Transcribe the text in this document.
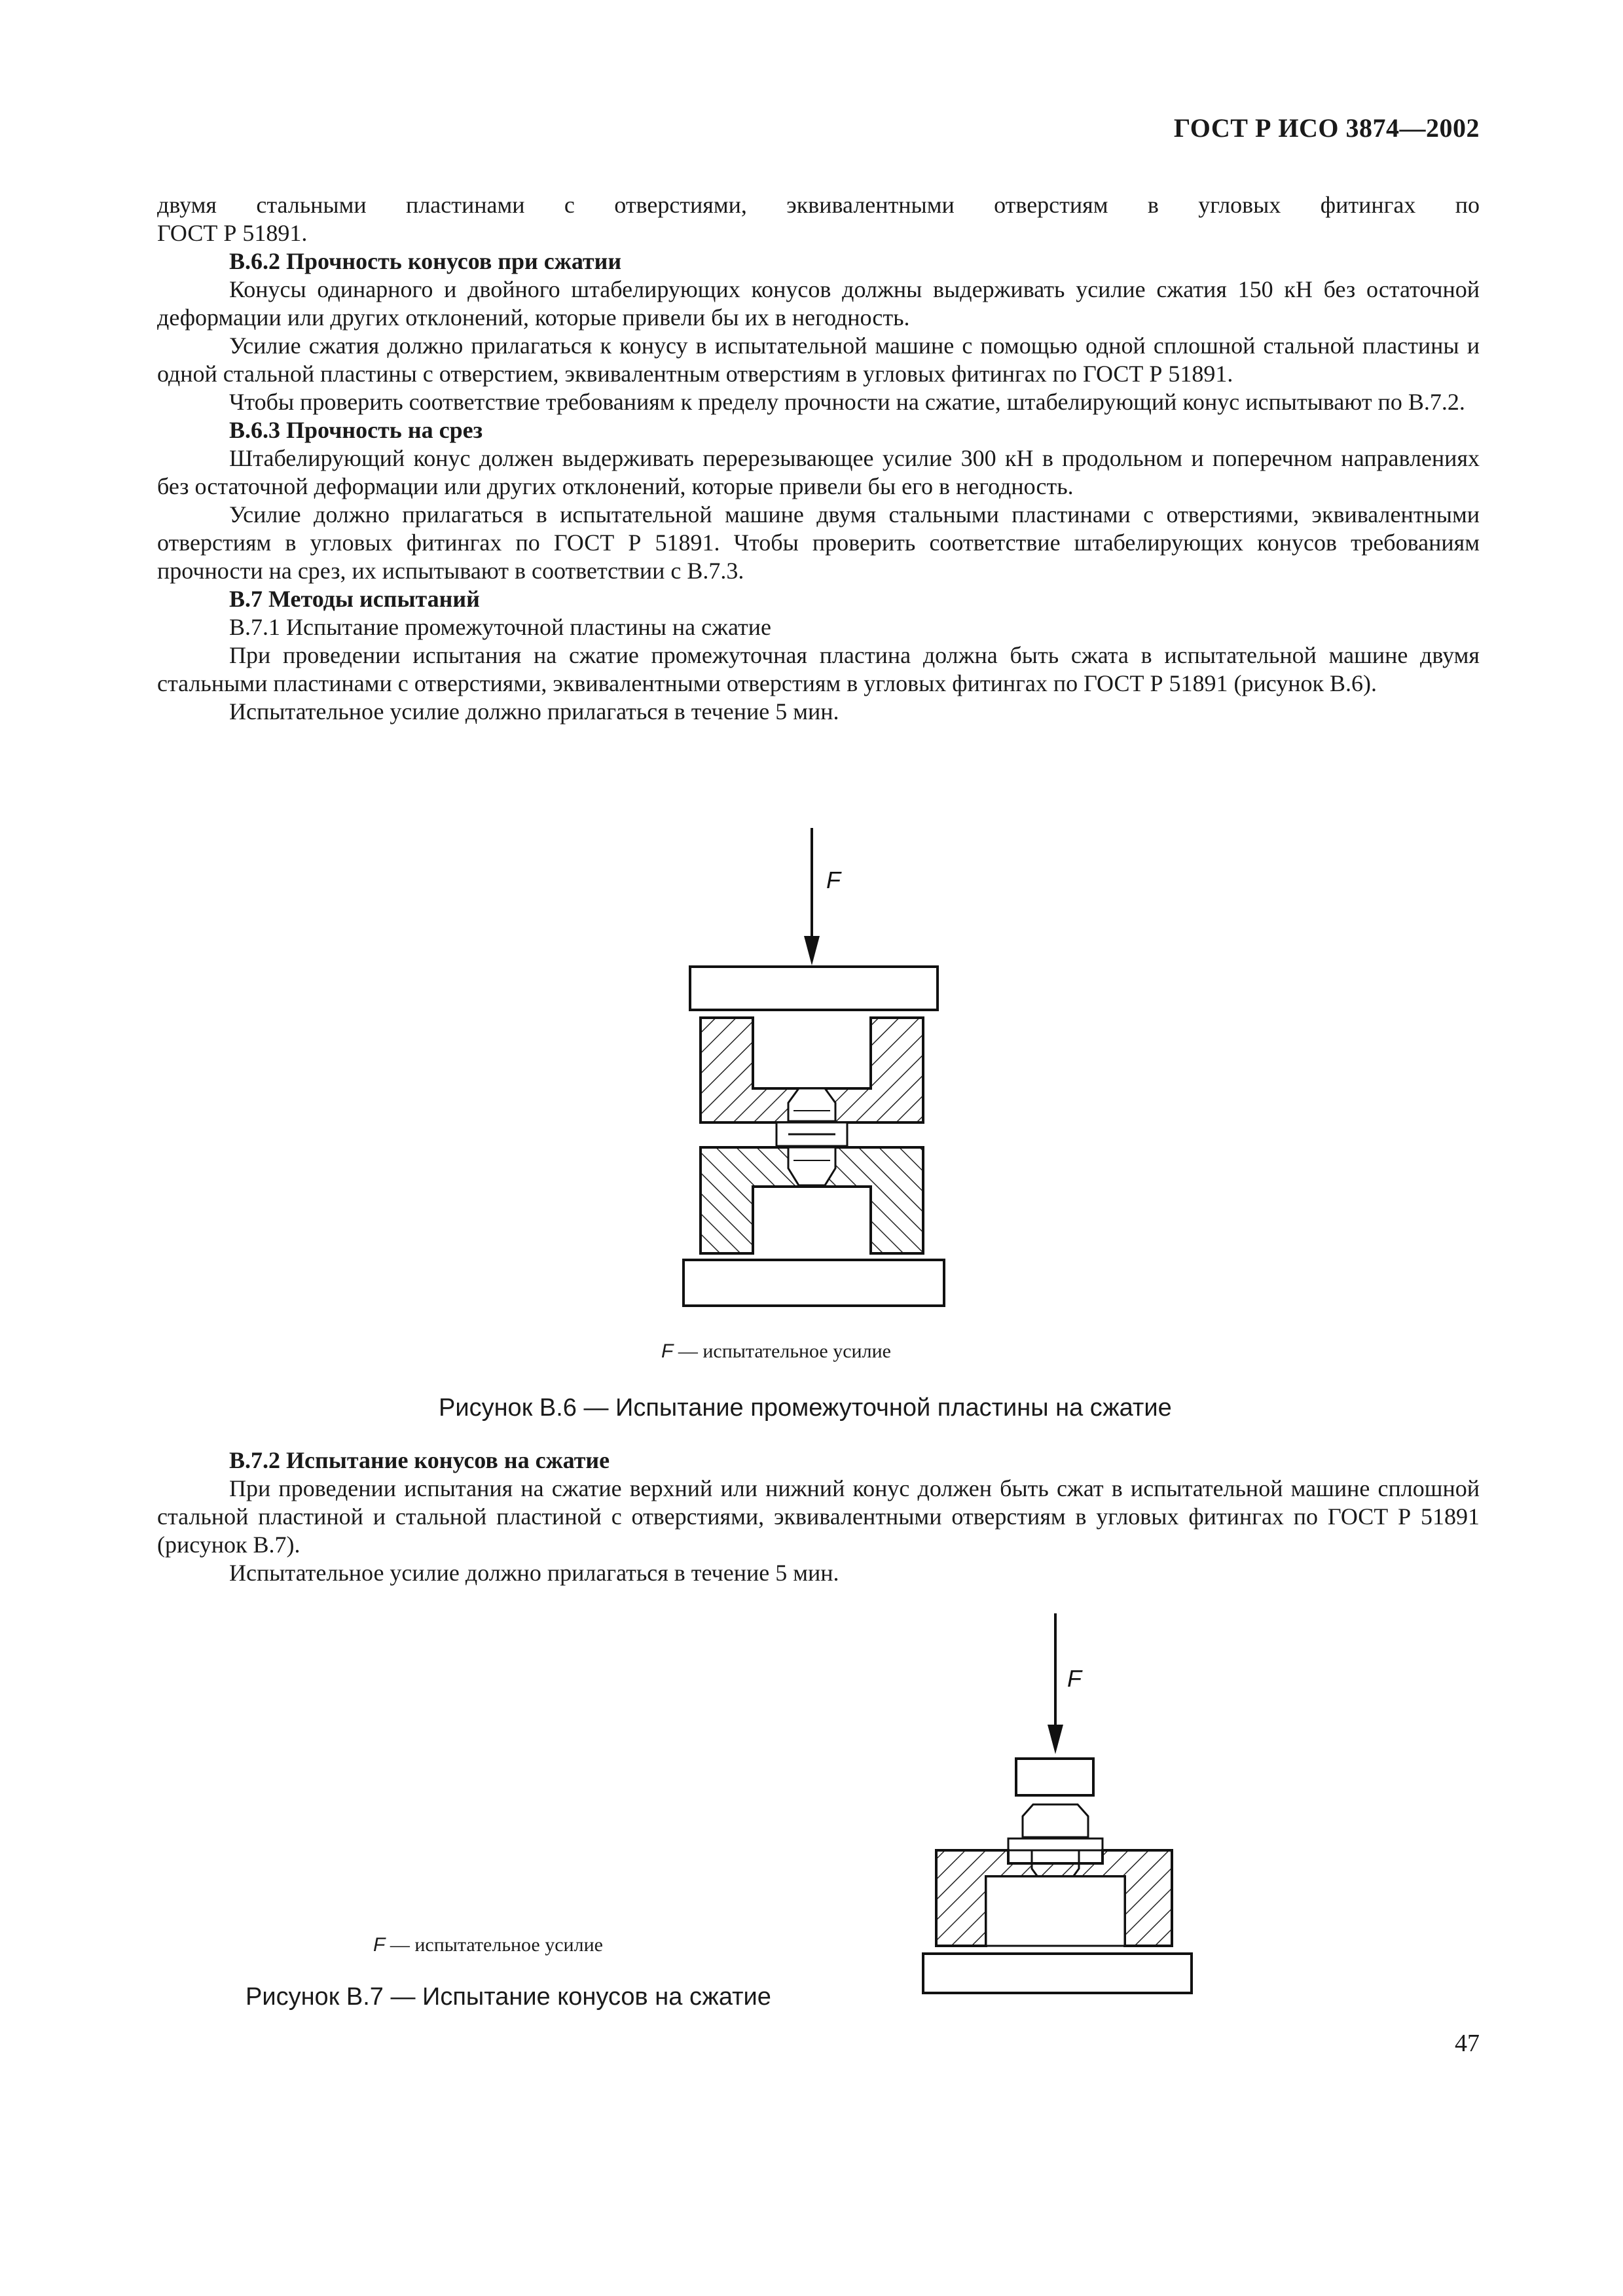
ГОСТ Р ИСО 3874—2002

двумя стальными пластинами с отверстиями, эквивалентными отверстиям в угловых фитингах по

ГОСТ Р 51891.

В.6.2 Прочность конусов при сжатии

Конусы одинарного и двойного штабелирующих конусов должны выдерживать усилие сжатия 150 кН без остаточной деформации или других отклонений, которые привели бы их в негодность.

Усилие сжатия должно прилагаться к конусу в испытательной машине с помощью одной сплошной стальной пластины и одной стальной пластины с отверстием, эквивалентным отверстиям в угловых фитингах по ГОСТ Р 51891.

Чтобы проверить соответствие требованиям к пределу прочности на сжатие, штабелирующий конус испытывают по В.7.2.

В.6.3 Прочность на срез

Штабелирующий конус должен выдерживать перерезывающее усилие 300 кН в продольном и поперечном направлениях без остаточной деформации или других отклонений, которые привели бы его в негодность.

Усилие должно прилагаться в испытательной машине двумя стальными пластинами с отверстиями, эквивалентными отверстиям в угловых фитингах по ГОСТ Р 51891. Чтобы проверить соответствие штабелирующих конусов требованиям прочности на срез, их испытывают в соответствии с В.7.3.

В.7 Методы испытаний

В.7.1 Испытание промежуточной пластины на сжатие

При проведении испытания на сжатие промежуточная пластина должна быть сжата в испытательной машине двумя стальными пластинами с отверстиями, эквивалентными отверстиям в угловых фитингах по ГОСТ Р 51891 (рисунок В.6).

Испытательное усилие должно прилагаться в течение 5 мин.

F
F — испытательное усилие
Рисунок В.6 — Испытание промежуточной пластины на сжатие

В.7.2 Испытание конусов на сжатие

При проведении испытания на сжатие верхний или нижний конус должен быть сжат в испытательной машине сплошной стальной пластиной и стальной пластиной с отверстиями, эквивалентными отверстиям в угловых фитингах по ГОСТ Р 51891 (рисунок В.7).

Испытательное усилие должно прилагаться в течение 5 мин.

F
F — испытательное усилие
Рисунок В.7 — Испытание конусов на сжатие
47
